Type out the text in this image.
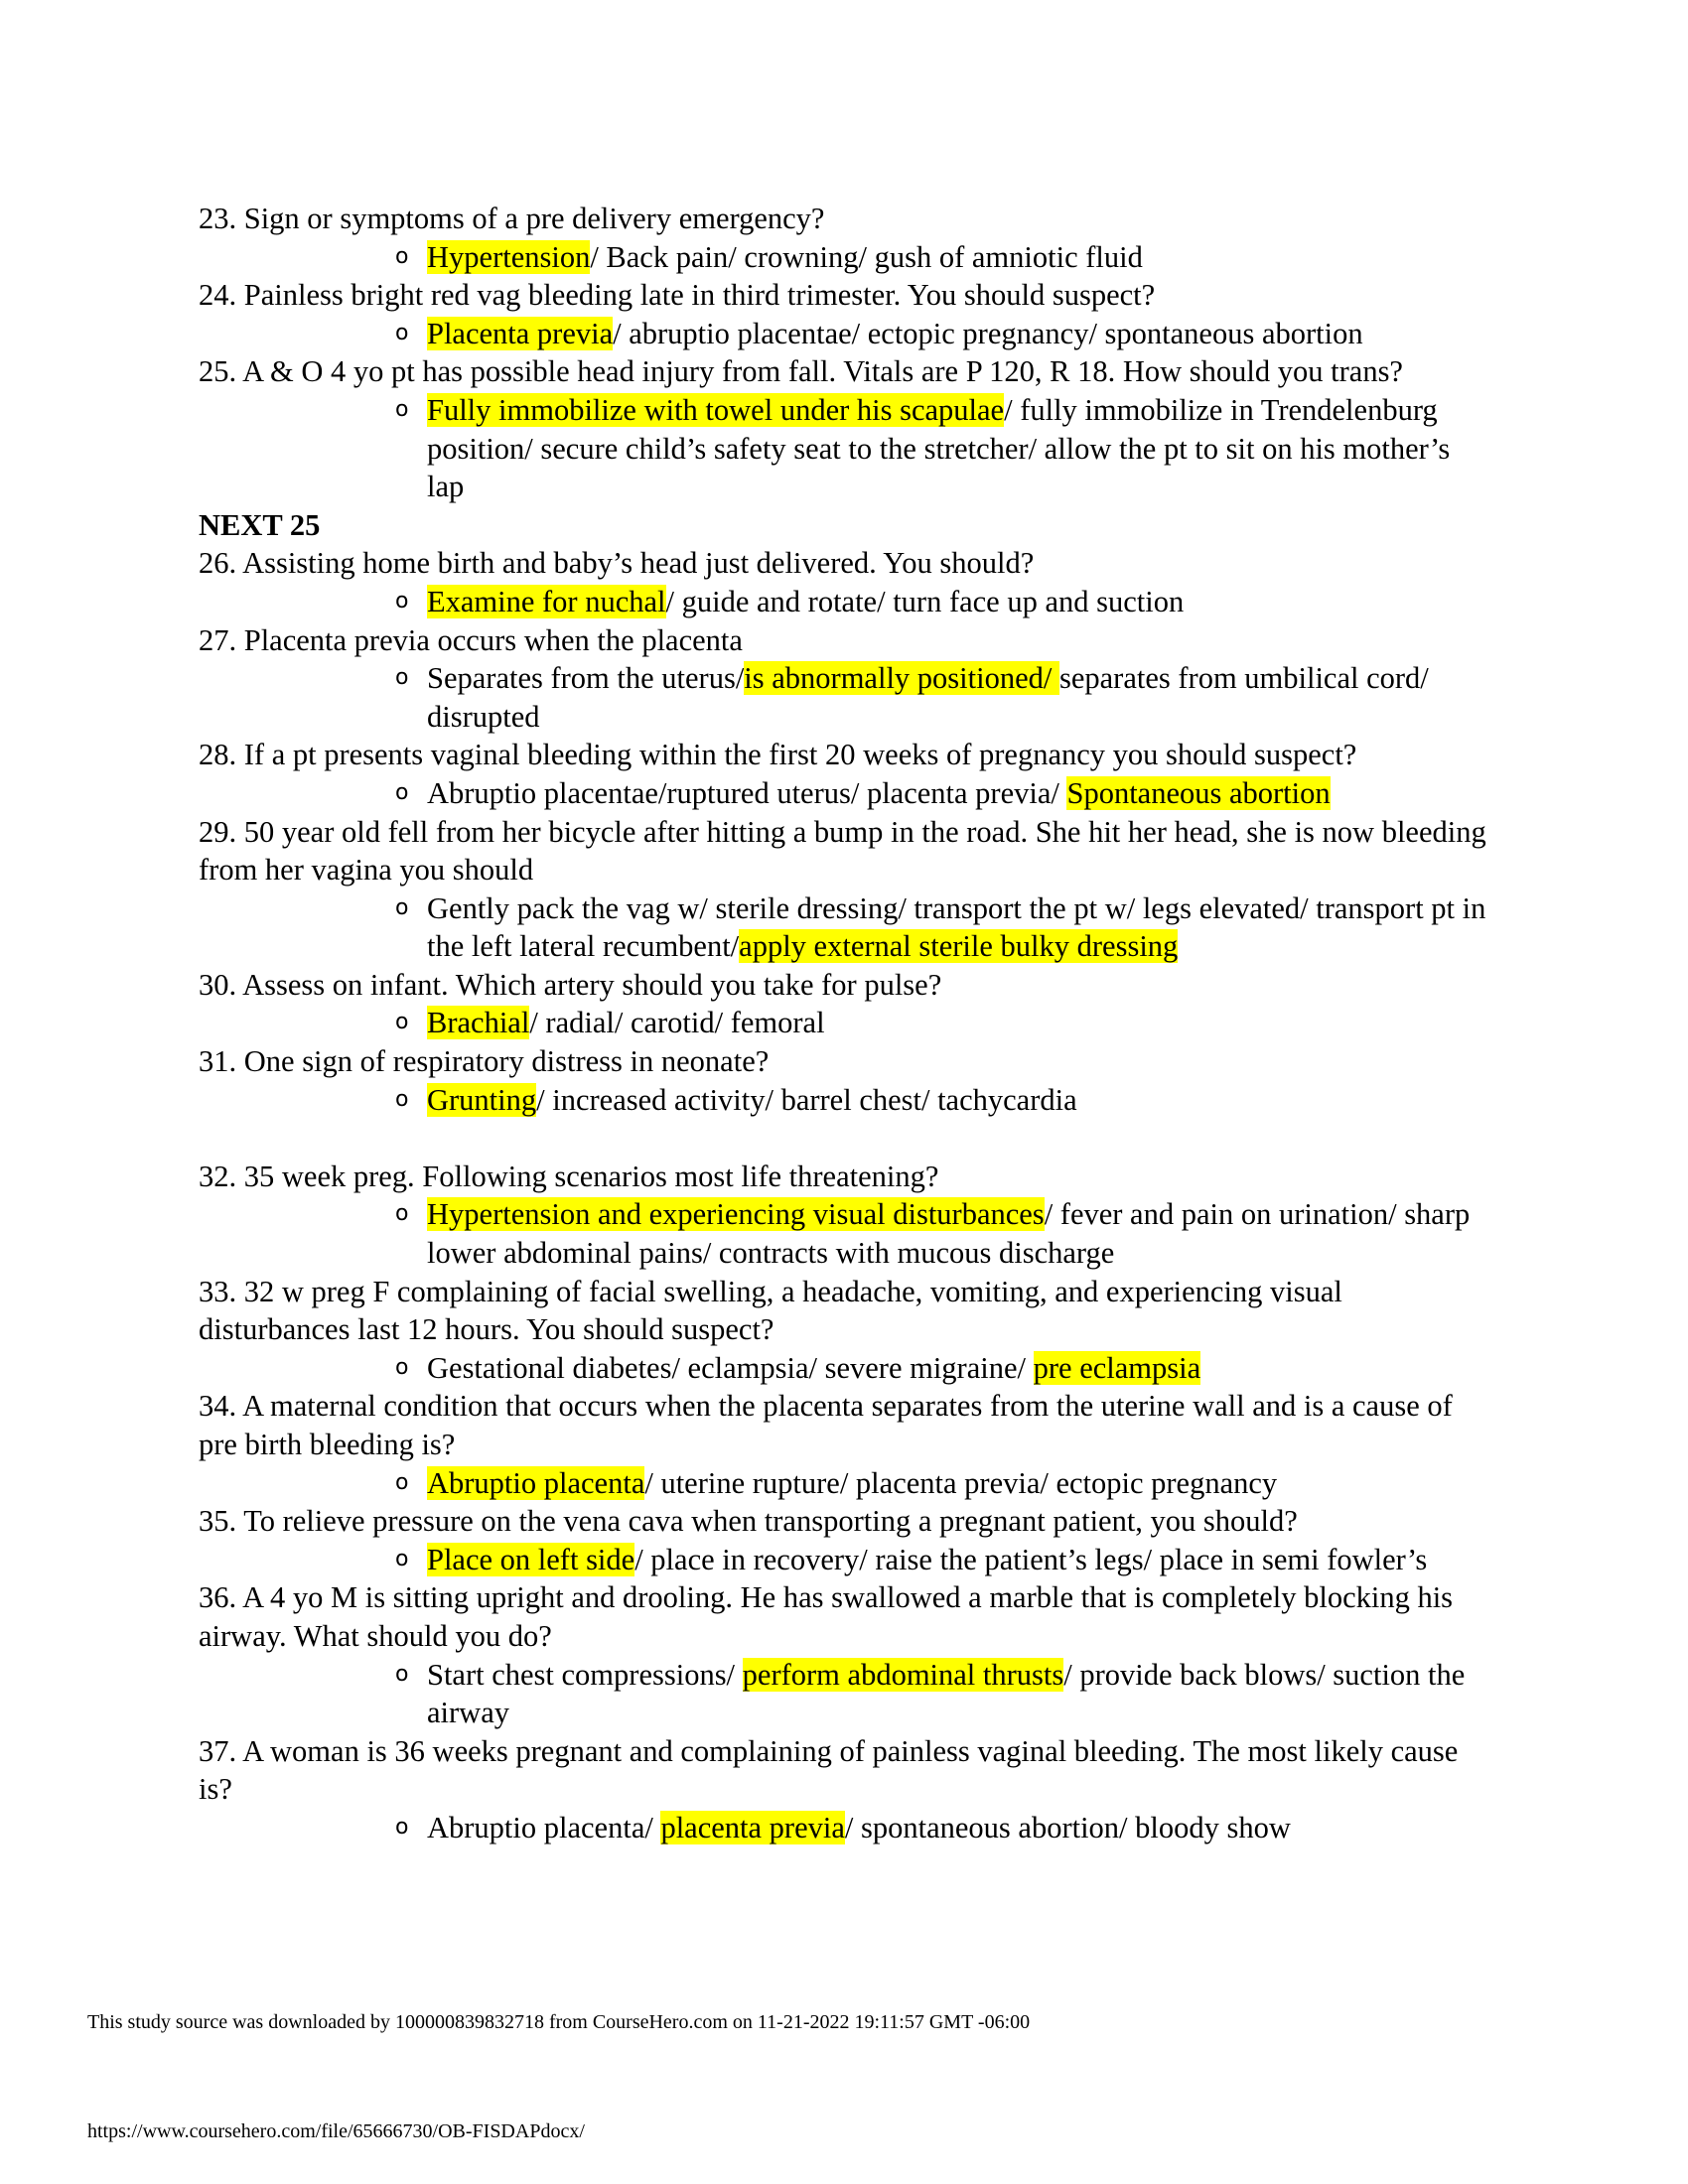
23. Sign or symptoms of a pre delivery emergency?

o Hypertension/ Back pain/ crowning/ gush of amniotic fluid

24. Painless bright red vag bleeding late in third trimester. You should suspect?

o Placenta previa/ abruptio placentae/ ectopic pregnancy/ spontaneous abortion

25. A & O 4 yo pt has possible head injury from fall. Vitals are P 120, R 18. How should you trans?

o Fully immobilize with towel under his scapulae/ fully immobilize in Trendelenburg position/ secure child’s safety seat to the stretcher/ allow the pt to sit on his mother’s lap

NEXT 25

26. Assisting home birth and baby’s head just delivered. You should?

o Examine for nuchal/ guide and rotate/ turn face up and suction

27. Placenta previa occurs when the placenta

o Separates from the uterus/is abnormally positioned/ separates from umbilical cord/ disrupted

28. If a pt presents vaginal bleeding within the first 20 weeks of pregnancy you should suspect?

o Abruptio placentae/ruptured uterus/ placenta previa/ Spontaneous abortion

29. 50 year old fell from her bicycle after hitting a bump in the road. She hit her head, she is now bleeding from her vagina you should

o Gently pack the vag w/ sterile dressing/ transport the pt w/ legs elevated/ transport pt in the left lateral recumbent/apply external sterile bulky dressing

30. Assess on infant. Which artery should you take for pulse?

o Brachial/ radial/ carotid/ femoral

31. One sign of respiratory distress in neonate?

o Grunting/ increased activity/ barrel chest/ tachycardia

32. 35 week preg. Following scenarios most life threatening?

o Hypertension and experiencing visual disturbances/ fever and pain on urination/ sharp lower abdominal pains/ contracts with mucous discharge

33. 32 w preg F complaining of facial swelling, a headache, vomiting, and experiencing visual disturbances last 12 hours. You should suspect?

o Gestational diabetes/ eclampsia/ severe migraine/ pre eclampsia

34. A maternal condition that occurs when the placenta separates from the uterine wall and is a cause of pre birth bleeding is?

o Abruptio placenta/ uterine rupture/ placenta previa/ ectopic pregnancy

35. To relieve pressure on the vena cava when transporting a pregnant patient, you should?

o Place on left side/ place in recovery/ raise the patient’s legs/ place in semi fowler’s

36. A 4 yo M is sitting upright and drooling. He has swallowed a marble that is completely blocking his airway. What should you do?

o Start chest compressions/ perform abdominal thrusts/ provide back blows/ suction the airway

37. A woman is 36 weeks pregnant and complaining of painless vaginal bleeding. The most likely cause is?

o Abruptio placenta/ placenta previa/ spontaneous abortion/ bloody show

This study source was downloaded by 100000839832718 from CourseHero.com on 11-21-2022 19:11:57 GMT -06:00
https://www.coursehero.com/file/65666730/OB-FISDAPdocx/
